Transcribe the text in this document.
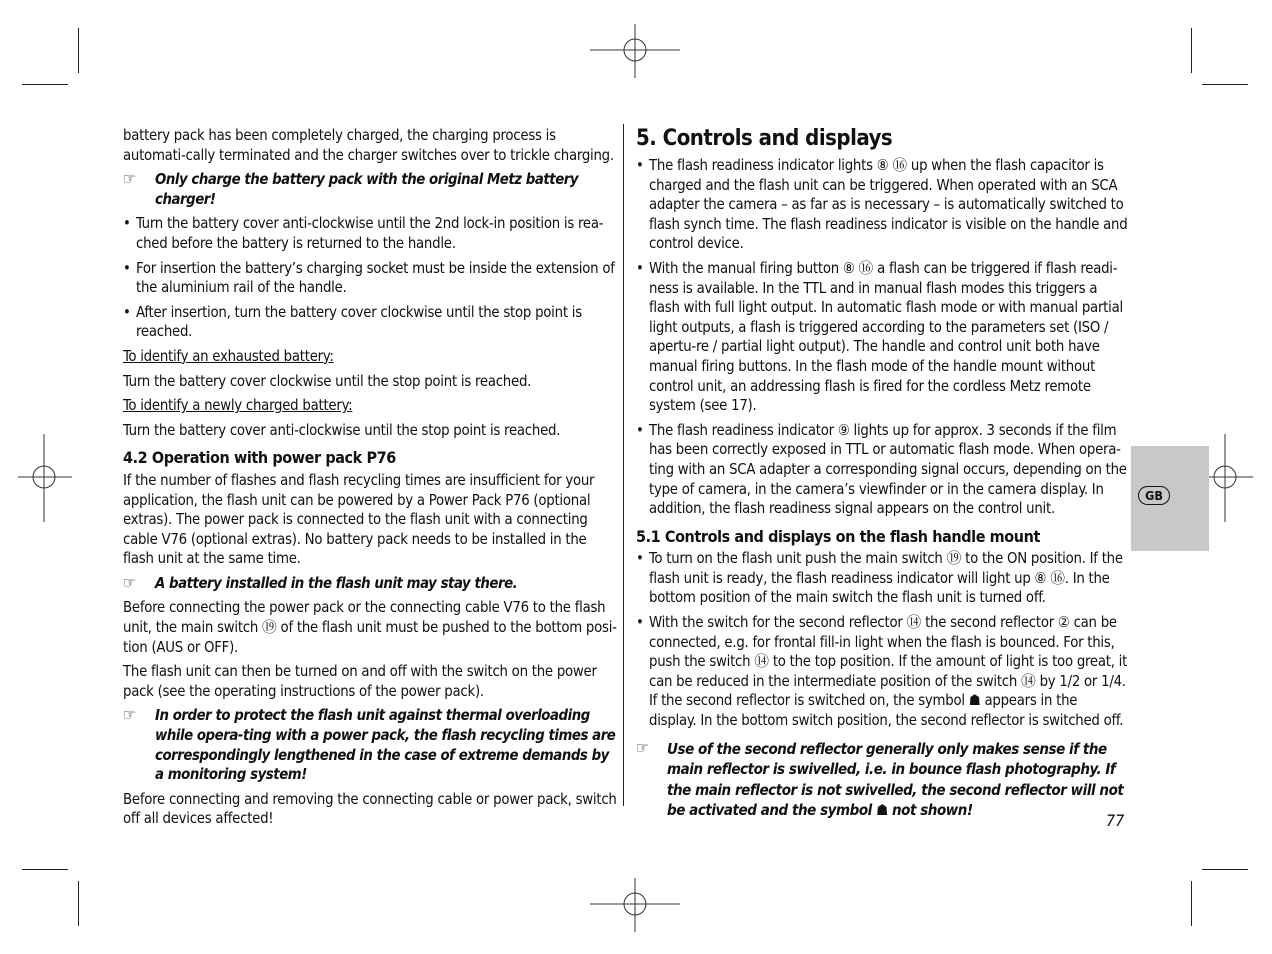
battery pack has been completely charged, the charging process is automati-cally terminated and the charger switches over to trickle charging.

☞ Only charge the battery pack with the original Metz battery charger!
• Turn the battery cover anti-clockwise until the 2nd lock-in position is rea-ched before the battery is returned to the handle.
• For insertion the battery’s charging socket must be inside the extension of the aluminium rail of the handle.
• After insertion, turn the battery cover clockwise until the stop point is reached.

To identify an exhausted battery:

Turn the battery cover clockwise until the stop point is reached.

To identify a newly charged battery:

Turn the battery cover anti-clockwise until the stop point is reached.

4.2 Operation with power pack P76

If the number of flashes and flash recycling times are insufficient for your application, the flash unit can be powered by a Power Pack P76 (optional extras). The power pack is connected to the flash unit with a connecting cable V76 (optional extras). No battery pack needs to be installed in the flash unit at the same time.

☞ A battery installed in the flash unit may stay there.

Before connecting the power pack or the connecting cable V76 to the flash unit, the main switch ⑲ of the flash unit must be pushed to the bottom posi-tion (AUS or OFF).

The flash unit can then be turned on and off with the switch on the power pack (see the operating instructions of the power pack).

☞ In order to protect the flash unit against thermal overloading while opera-ting with a power pack, the flash recycling times are correspondingly lengthened in the case of extreme demands by a monitoring system!

Before connecting and removing the connecting cable or power pack, switch off all devices affected!

5. Controls and displays
• The flash readiness indicator lights ⑧ ⑯ up when the flash capacitor is charged and the flash unit can be triggered. When operated with an SCA adapter the camera – as far as is necessary – is automatically switched to flash synch time. The flash readiness indicator is visible on the handle and control device.
• With the manual firing button ⑧ ⑯ a flash can be triggered if flash readi-ness is available. In the TTL and in manual flash modes this triggers a flash with full light output. In automatic flash mode or with manual partial light outputs, a flash is triggered according to the parameters set (ISO / apertu-re / partial light output). The handle and control unit both have manual firing buttons. In the flash mode of the handle mount without control unit, an addressing flash is fired for the cordless Metz remote system (see 17).
• The flash readiness indicator ⑨ lights up for approx. 3 seconds if the film has been correctly exposed in TTL or automatic flash mode. When opera-ting with an SCA adapter a corresponding signal occurs, depending on the type of camera, in the camera’s viewfinder or in the camera display. In addition, the flash readiness signal appears on the control unit.
5.1 Controls and displays on the flash handle mount
• To turn on the flash unit push the main switch ⑲ to the ON position. If the flash unit is ready, the flash readiness indicator will light up ⑧ ⑯. In the bottom position of the main switch the flash unit is turned off.
• With the switch for the second reflector ⑭ the second reflector ② can be connected, e.g. for frontal fill-in light when the flash is bounced. For this, push the switch ⑭ to the top position. If the amount of light is too great, it can be reduced in the intermediate position of the switch ⑭ by 1/2 or 1/4. If the second reflector is switched on, the symbol ☗ appears in the display. In the bottom switch position, the second reflector is switched off.
☞ Use of the second reflector generally only makes sense if the main reflector is swivelled, i.e. in bounce flash photography. If the main reflector is not swivelled, the second reflector will not be activated and the symbol ☗ not shown!
GB
77
